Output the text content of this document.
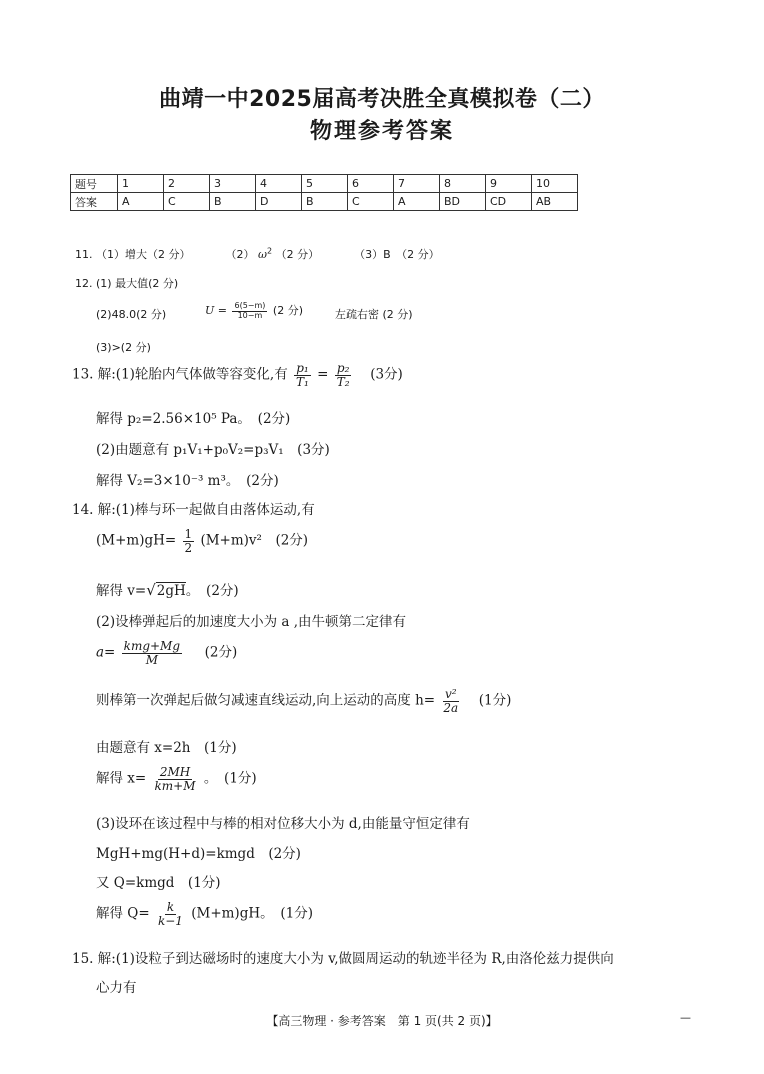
曲靖一中2025届高考决胜全真模拟卷（二）
物理参考答案
题号	1	2	3	4	5	6	7	8	9	10
答案	A	C	B	D	B	C	A	BD	CD	AB
11. （1）增大（2 分）	（2） $\omega^2$ （2 分）	（3）B　（2 分）
12. (1) 最大值(2 分)
(2)48.0(2 分)	$U = \frac{6(5-m)}{10-m} (2$ 分)	左疏右密 (2 分)
(3)>(2 分)
13. 解:(1)轮胎内气体做等容变化,有 $\frac{\text{p₁}}{\text{T₁}} = \frac{\text{p₂}}{\text{T₂}} (3$分)
解得 p₂=2.56×10⁵ Pa。　(2分)
(2)由题意有 p₁V₁+p₀V₂=p₃V₁　(3分)
解得 V₂=3×10⁻³ m³。　(2分)
14. 解:(1)棒与环一起做自由落体运动,有
$(M+m)gH= \frac{1}{2} (M+m)v^2$　(2分)
解得 v=√2gH。　(2分)
(2)设棒弹起后的加速度大小为 a ,由牛顿第二定律有
$a= \frac{\text{kmg+Mg}}{M} (2$分)
则棒第一次弹起后做匀减速直线运动,向上运动的高度 $h= \frac{\text{v²}}{2a} (1$分)
由题意有 x=2h　(1分)
解得 $x= \frac{2MH}{km+M}$ 。　(1分)
(3)设环在该过程中与棒的相对位移大小为 d,由能量守恒定律有
MgH+mg(H+d)=kmgd　(2分)
又 Q=kmgd　(1分)
解得 $Q= \frac{k}{k-1} (M+m)gH$。　(1分)
15. 解:(1)设粒子到达磁场时的速度大小为 v,做圆周运动的轨迹半径为 R,由洛伦兹力提供向
心力有
【高三物理 · 参考答案　第 1 页(共 2 页)】	—
